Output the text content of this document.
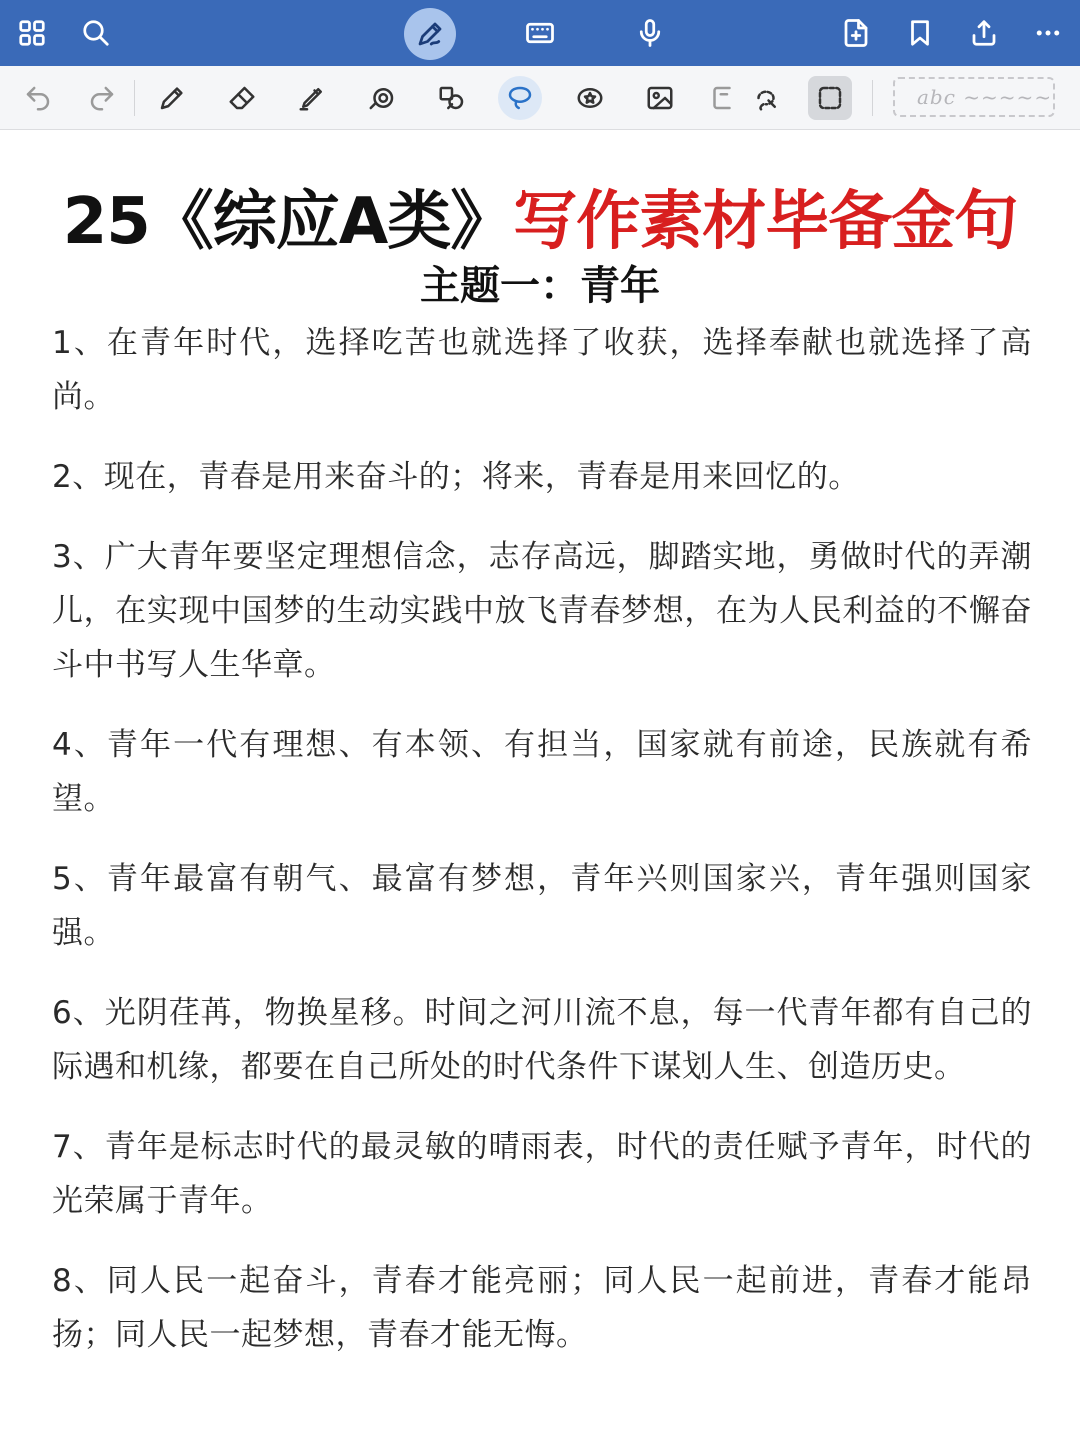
abc ~~~~~
25《综应A类》写作素材毕备金句
主题一：青年

1、在青年时代，选择吃苦也就选择了收获，选择奉献也就选择了高尚。

2、现在，青春是用来奋斗的；将来，青春是用来回忆的。

3、广大青年要坚定理想信念，志存高远，脚踏实地，勇做时代的弄潮儿，在实现中国梦的生动实践中放飞青春梦想，在为人民利益的不懈奋斗中书写人生华章。

4、青年一代有理想、有本领、有担当，国家就有前途，民族就有希望。

5、青年最富有朝气、最富有梦想，青年兴则国家兴，青年强则国家强。

6、光阴荏苒，物换星移。时间之河川流不息，每一代青年都有自己的际遇和机缘，都要在自己所处的时代条件下谋划人生、创造历史。

7、青年是标志时代的最灵敏的晴雨表，时代的责任赋予青年，时代的光荣属于青年。

8、同人民一起奋斗，青春才能亮丽；同人民一起前进，青春才能昂扬；同人民一起梦想，青春才能无悔。
